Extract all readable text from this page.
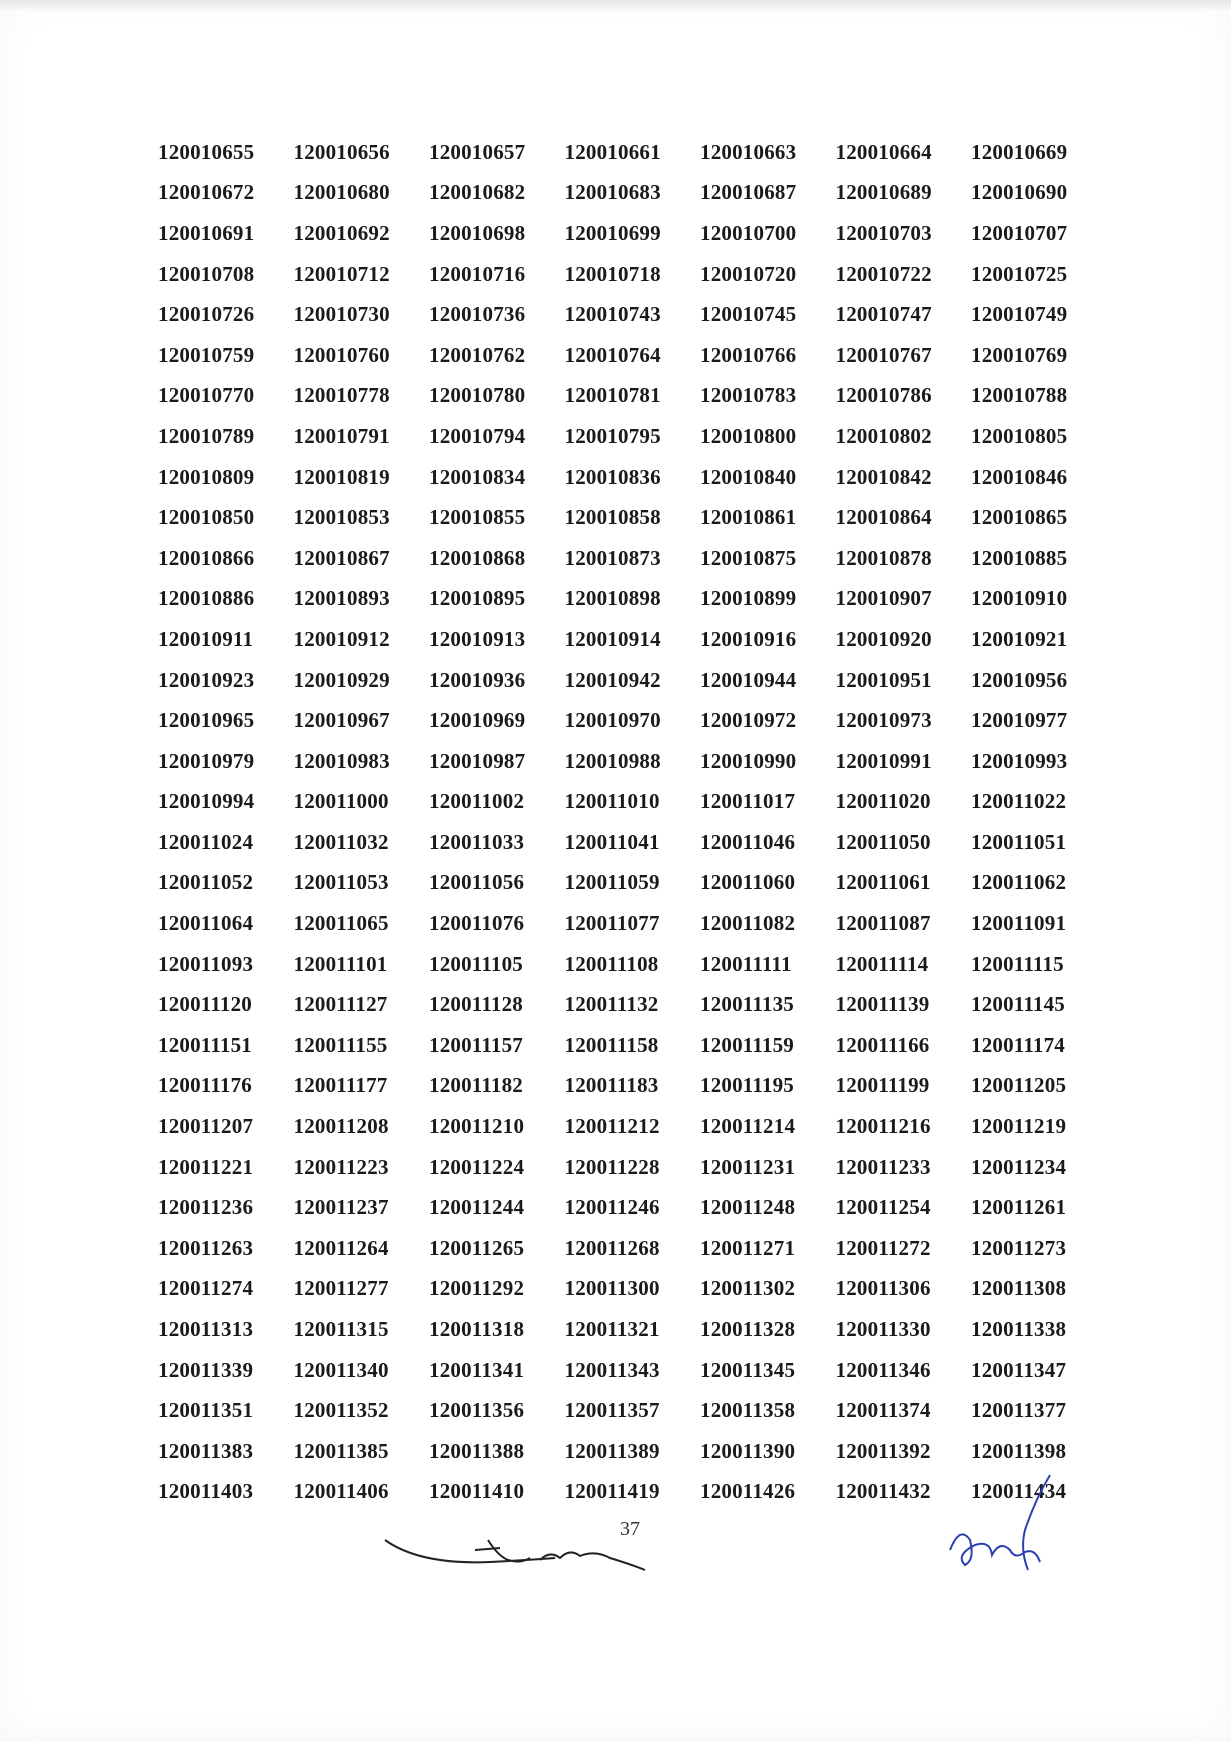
120010655	120010656	120010657	120010661	120010663	120010664	120010669
120010672	120010680	120010682	120010683	120010687	120010689	120010690
120010691	120010692	120010698	120010699	120010700	120010703	120010707
120010708	120010712	120010716	120010718	120010720	120010722	120010725
120010726	120010730	120010736	120010743	120010745	120010747	120010749
120010759	120010760	120010762	120010764	120010766	120010767	120010769
120010770	120010778	120010780	120010781	120010783	120010786	120010788
120010789	120010791	120010794	120010795	120010800	120010802	120010805
120010809	120010819	120010834	120010836	120010840	120010842	120010846
120010850	120010853	120010855	120010858	120010861	120010864	120010865
120010866	120010867	120010868	120010873	120010875	120010878	120010885
120010886	120010893	120010895	120010898	120010899	120010907	120010910
120010911	120010912	120010913	120010914	120010916	120010920	120010921
120010923	120010929	120010936	120010942	120010944	120010951	120010956
120010965	120010967	120010969	120010970	120010972	120010973	120010977
120010979	120010983	120010987	120010988	120010990	120010991	120010993
120010994	120011000	120011002	120011010	120011017	120011020	120011022
120011024	120011032	120011033	120011041	120011046	120011050	120011051
120011052	120011053	120011056	120011059	120011060	120011061	120011062
120011064	120011065	120011076	120011077	120011082	120011087	120011091
120011093	120011101	120011105	120011108	120011111	120011114	120011115
120011120	120011127	120011128	120011132	120011135	120011139	120011145
120011151	120011155	120011157	120011158	120011159	120011166	120011174
120011176	120011177	120011182	120011183	120011195	120011199	120011205
120011207	120011208	120011210	120011212	120011214	120011216	120011219
120011221	120011223	120011224	120011228	120011231	120011233	120011234
120011236	120011237	120011244	120011246	120011248	120011254	120011261
120011263	120011264	120011265	120011268	120011271	120011272	120011273
120011274	120011277	120011292	120011300	120011302	120011306	120011308
120011313	120011315	120011318	120011321	120011328	120011330	120011338
120011339	120011340	120011341	120011343	120011345	120011346	120011347
120011351	120011352	120011356	120011357	120011358	120011374	120011377
120011383	120011385	120011388	120011389	120011390	120011392	120011398
120011403	120011406	120011410	120011419	120011426	120011432	120011434
37
